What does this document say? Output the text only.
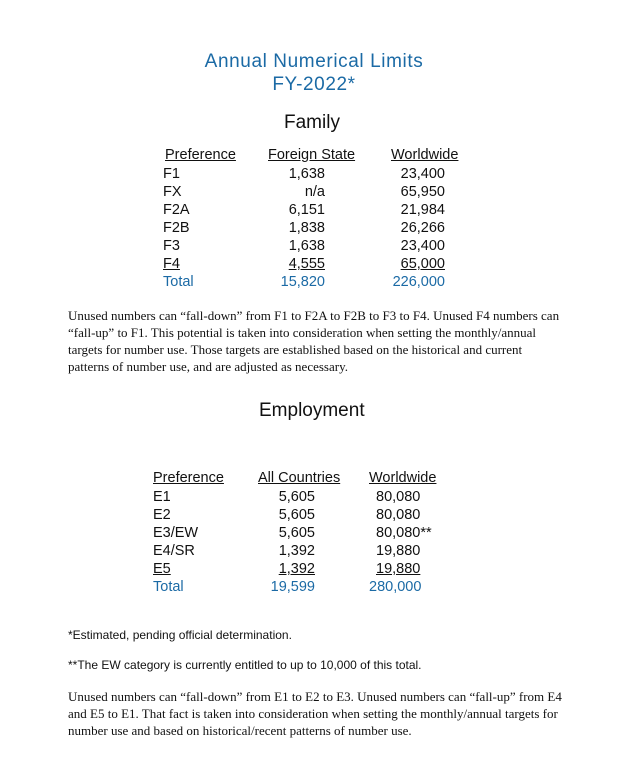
Annual Numerical Limits
FY-2022*
Family
Preference Foreign State Worldwide
F1	1,638	23,400
FX	n/a	65,950
F2A	6,151	21,984
F2B	1,838	26,266
F3	1,638	23,400
F4	4,555	65,000
Total	15,820	226,000
Unused numbers can “fall-down” from F1 to F2A to F2B to F3 to F4. Unused F4 numbers can
“fall-up” to F1. This potential is taken into consideration when setting the monthly/annual
targets for number use. Those targets are established based on the historical and current
patterns of number use, and are adjusted as necessary.
Employment
Preference All Countries Worldwide
E1	5,605	80,080
E2	5,605	80,080
E3/EW	5,605	80,080**
E4/SR	1,392	19,880
E5	1,392	19,880
Total	19,599	280,000
*Estimated, pending official determination.
**The EW category is currently entitled to up to 10,000 of this total.
Unused numbers can “fall-down” from E1 to E2 to E3. Unused numbers can “fall-up” from E4
and E5 to E1. That fact is taken into consideration when setting the monthly/annual targets for
number use and based on historical/recent patterns of number use.
